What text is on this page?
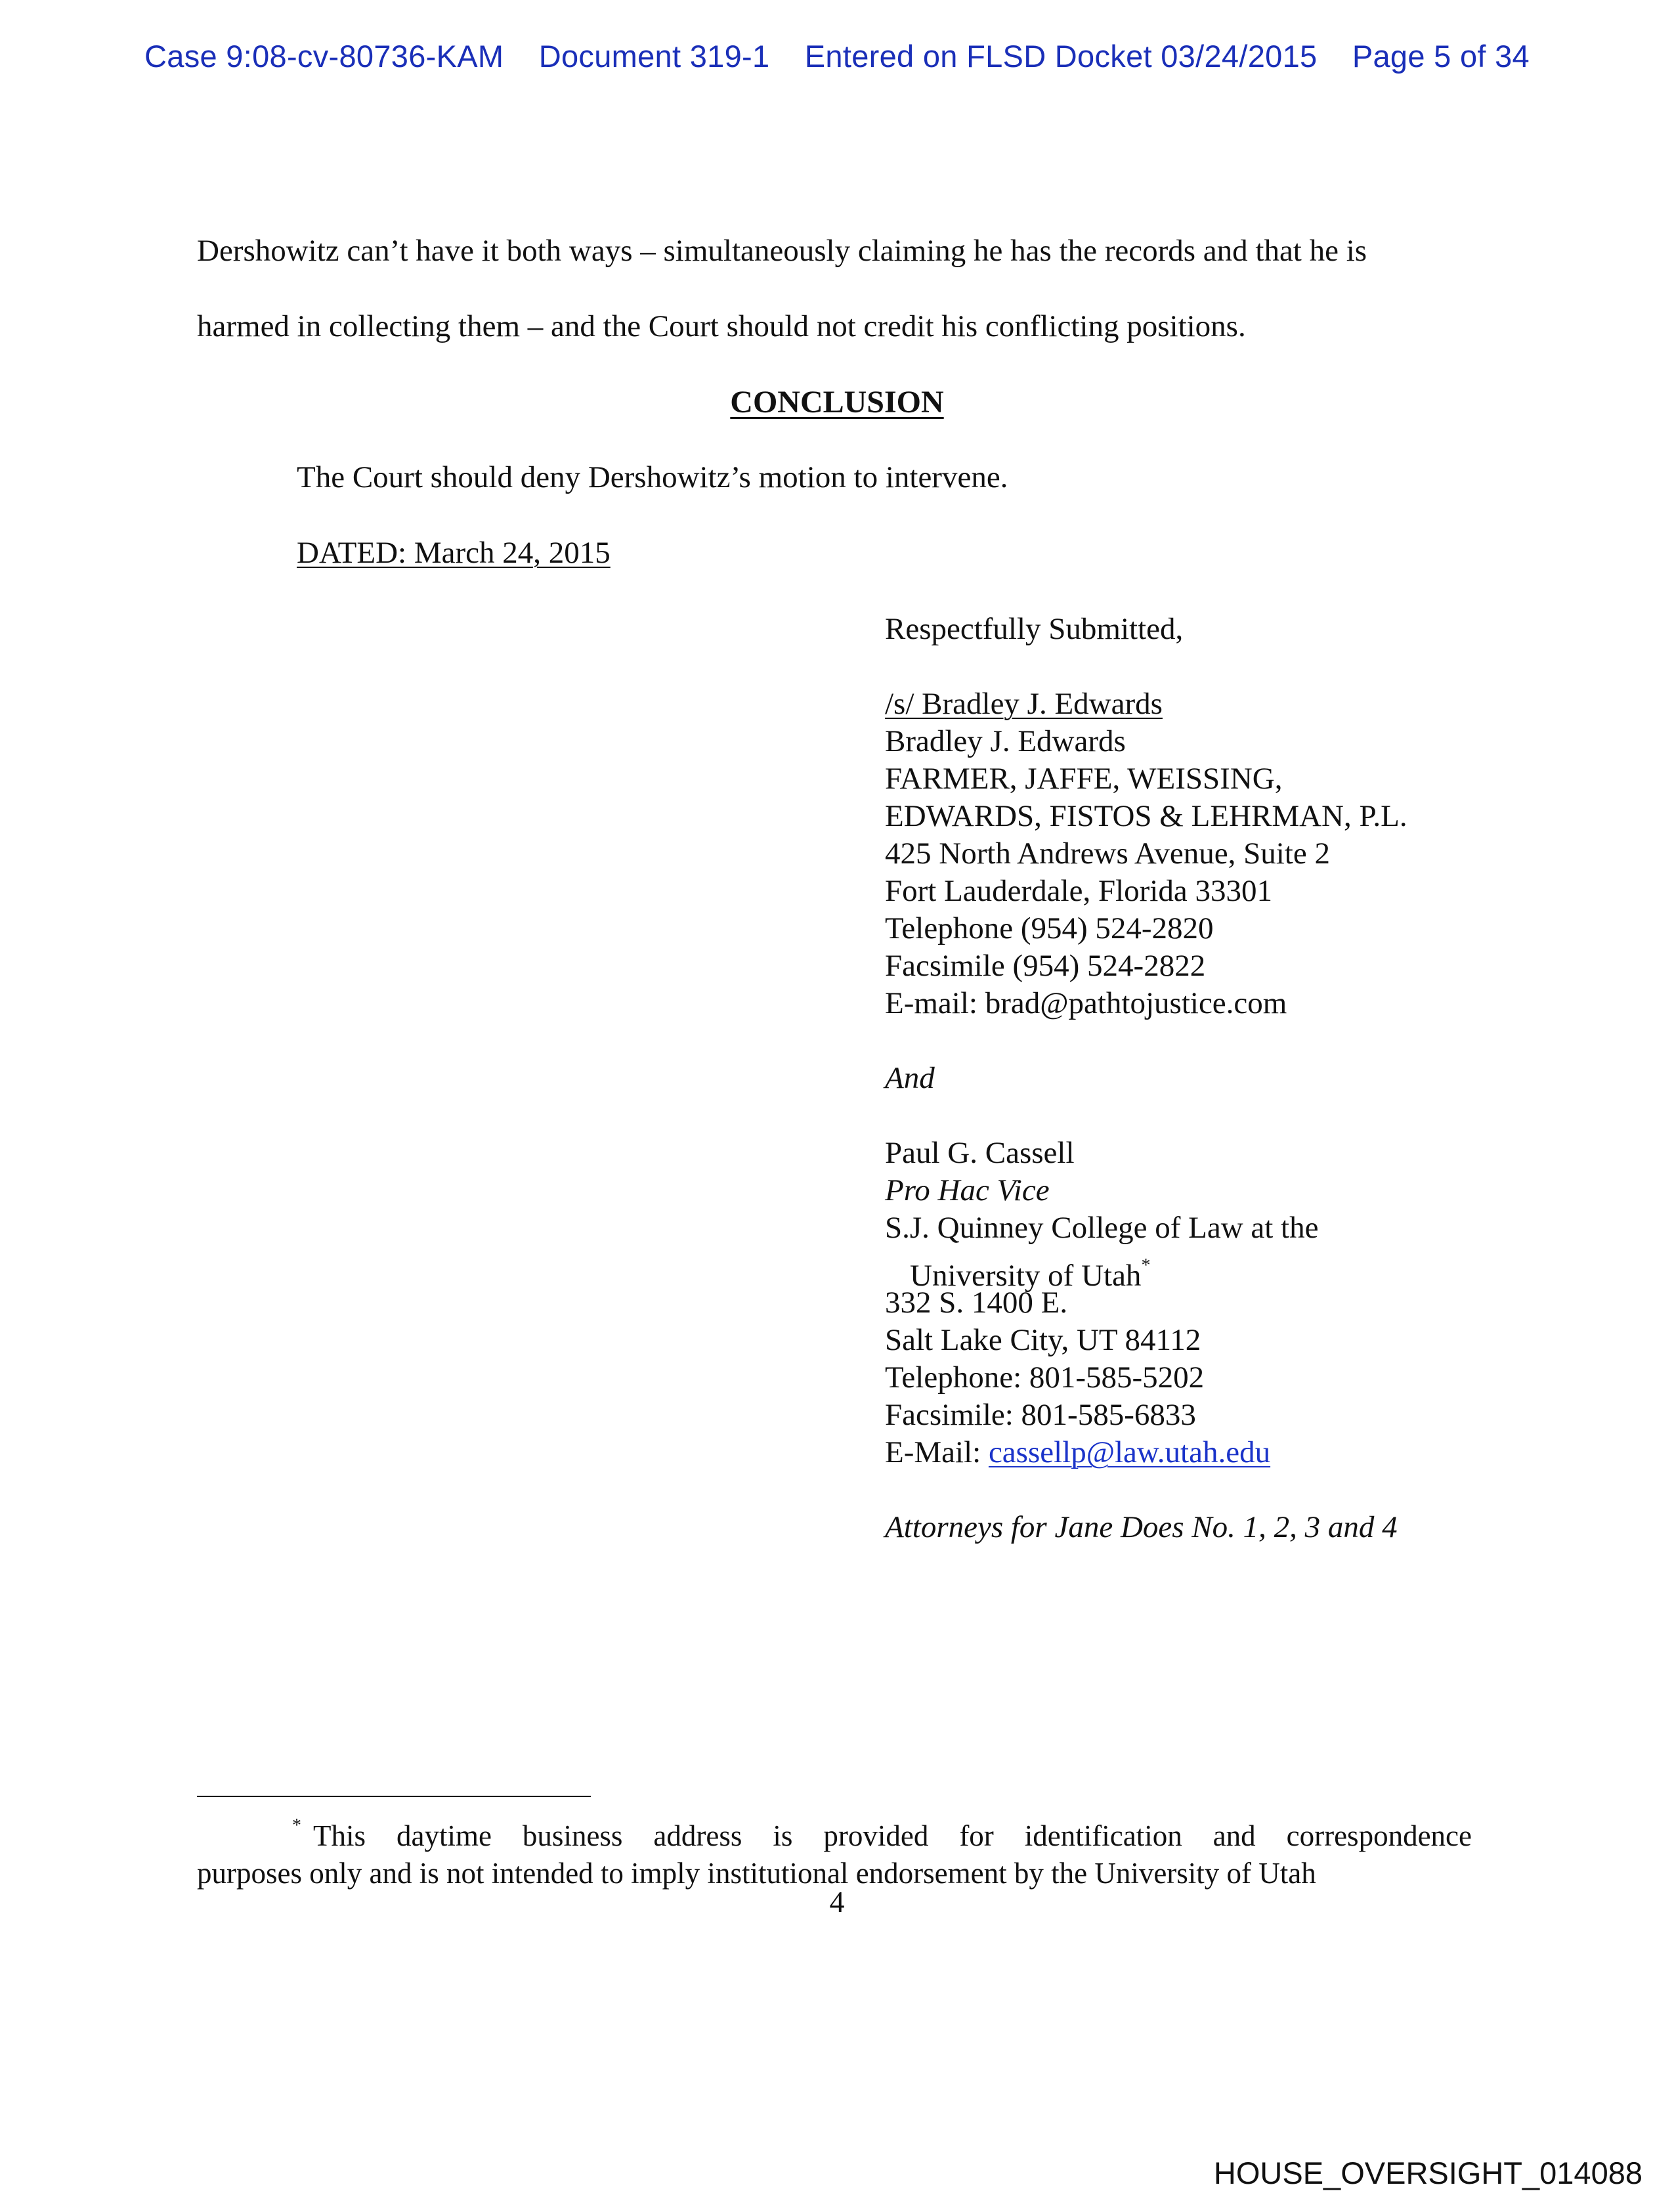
Case 9:08-cv-80736-KAM Document 319-1 Entered on FLSD Docket 03/24/2015 Page 5 of 34
Dershowitz can’t have it both ways – simultaneously claiming he has the records and that he is
harmed in collecting them – and the Court should not credit his conflicting positions.
CONCLUSION
The Court should deny Dershowitz’s motion to intervene.
DATED: March 24, 2015
Respectfully Submitted,
/s/ Bradley J. Edwards
Bradley J. Edwards
FARMER, JAFFE, WEISSING,
EDWARDS, FISTOS & LEHRMAN, P.L.
425 North Andrews Avenue, Suite 2
Fort Lauderdale, Florida 33301
Telephone (954) 524-2820
Facsimile (954) 524-2822
E-mail: brad@pathtojustice.com
And
Paul G. Cassell
Pro Hac Vice
S.J. Quinney College of Law at the
University of Utah*
332 S. 1400 E.
Salt Lake City, UT 84112
Telephone: 801-585-5202
Facsimile: 801-585-6833
E-Mail: cassellp@law.utah.edu
Attorneys for Jane Does No. 1, 2, 3 and 4
* This daytime business address is provided for identification and correspondence
purposes only and is not intended to imply institutional endorsement by the University of Utah
4
HOUSE_OVERSIGHT_014088
